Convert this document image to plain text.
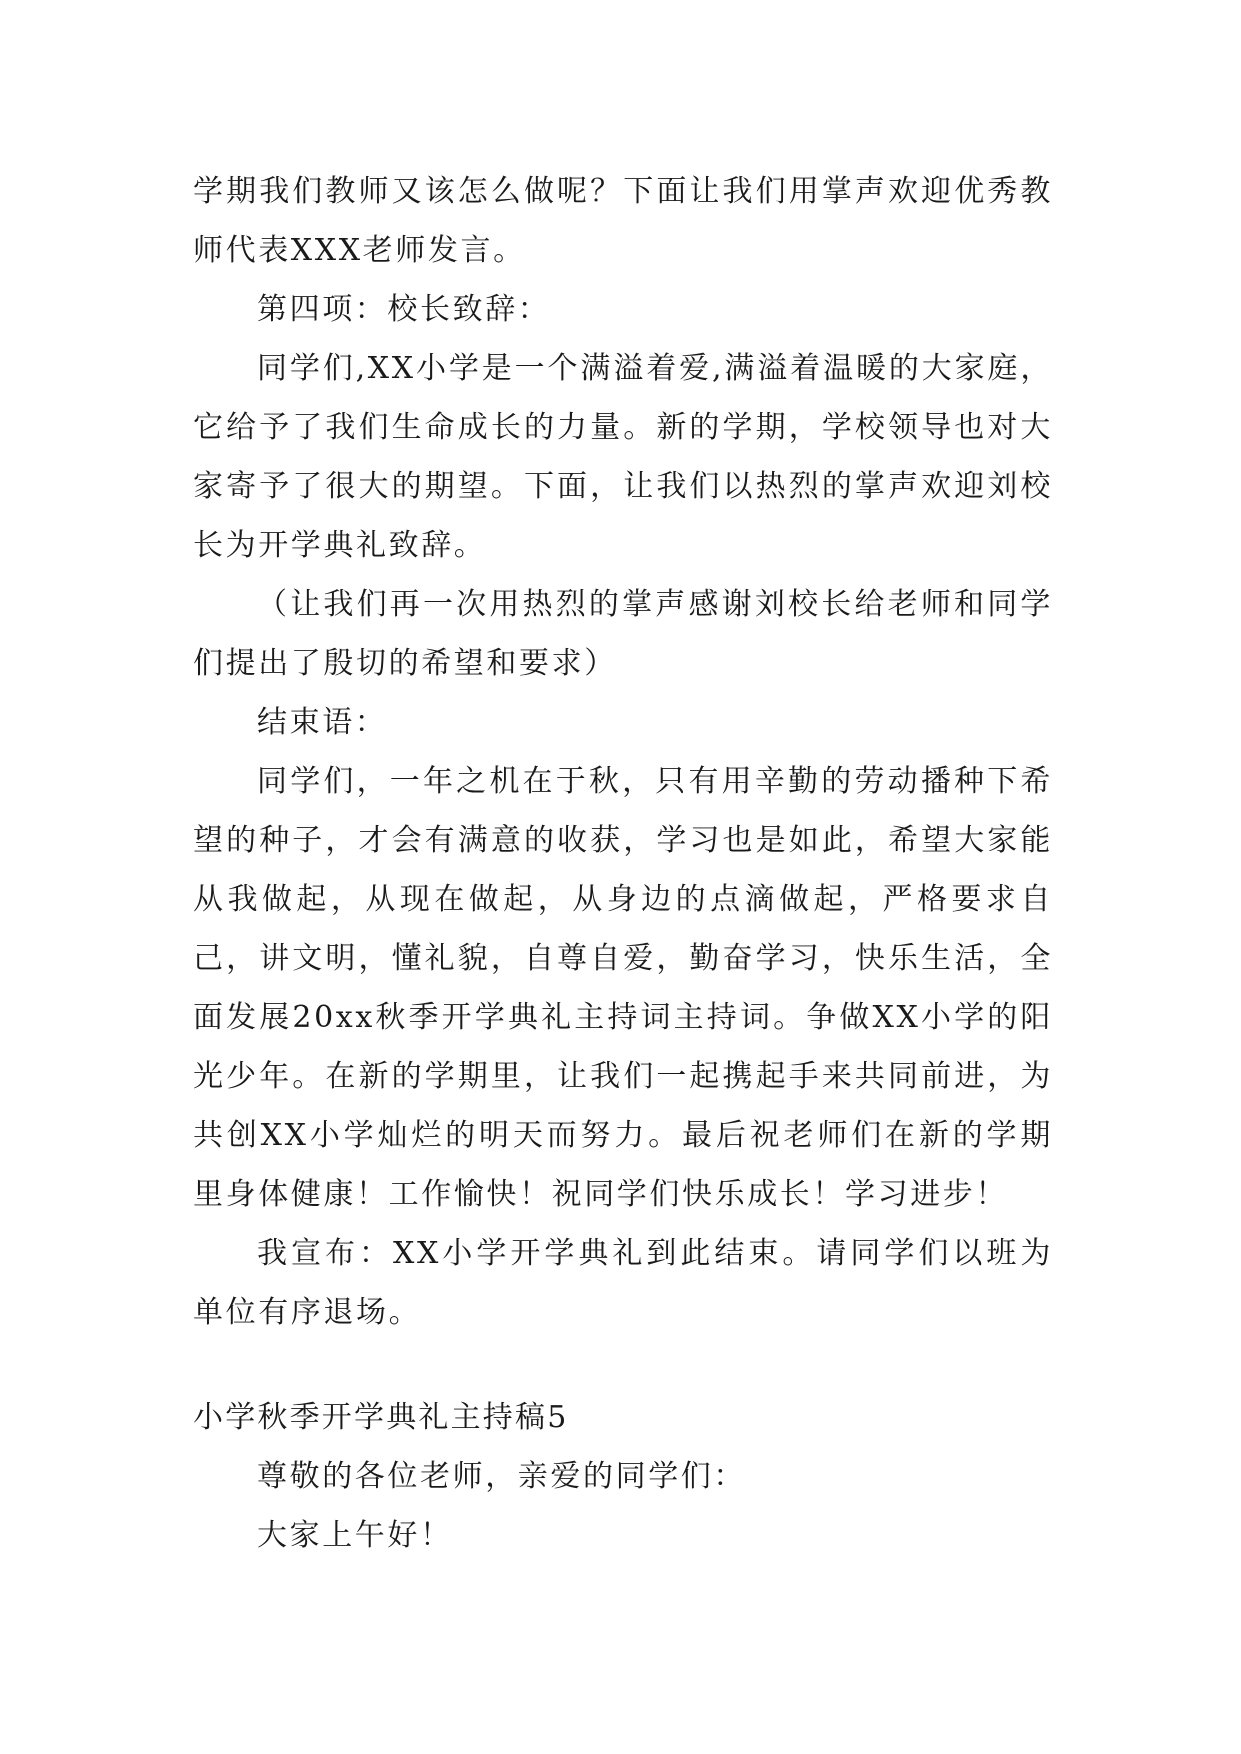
学期我们教师又该怎么做呢？下面让我们用掌声欢迎优秀教师代表XXX老师发言。

第四项：校长致辞：

同学们,XX小学是一个满溢着爱,满溢着温暖的大家庭，它给予了我们生命成长的力量。新的学期，学校领导也对大家寄予了很大的期望。下面，让我们以热烈的掌声欢迎刘校长为开学典礼致辞。

（让我们再一次用热烈的掌声感谢刘校长给老师和同学们提出了殷切的希望和要求）

结束语：

同学们，一年之机在于秋，只有用辛勤的劳动播种下希望的种子，才会有满意的收获，学习也是如此，希望大家能从我做起，从现在做起，从身边的点滴做起，严格要求自己，讲文明，懂礼貌，自尊自爱，勤奋学习，快乐生活，全面发展20xx秋季开学典礼主持词主持词。争做XX小学的阳光少年。在新的学期里，让我们一起携起手来共同前进，为共创XX小学灿烂的明天而努力。最后祝老师们在新的学期里身体健康！工作愉快！祝同学们快乐成长！学习进步！

我宣布：XX小学开学典礼到此结束。请同学们以班为单位有序退场。

小学秋季开学典礼主持稿5

尊敬的各位老师，亲爱的同学们：

大家上午好！
